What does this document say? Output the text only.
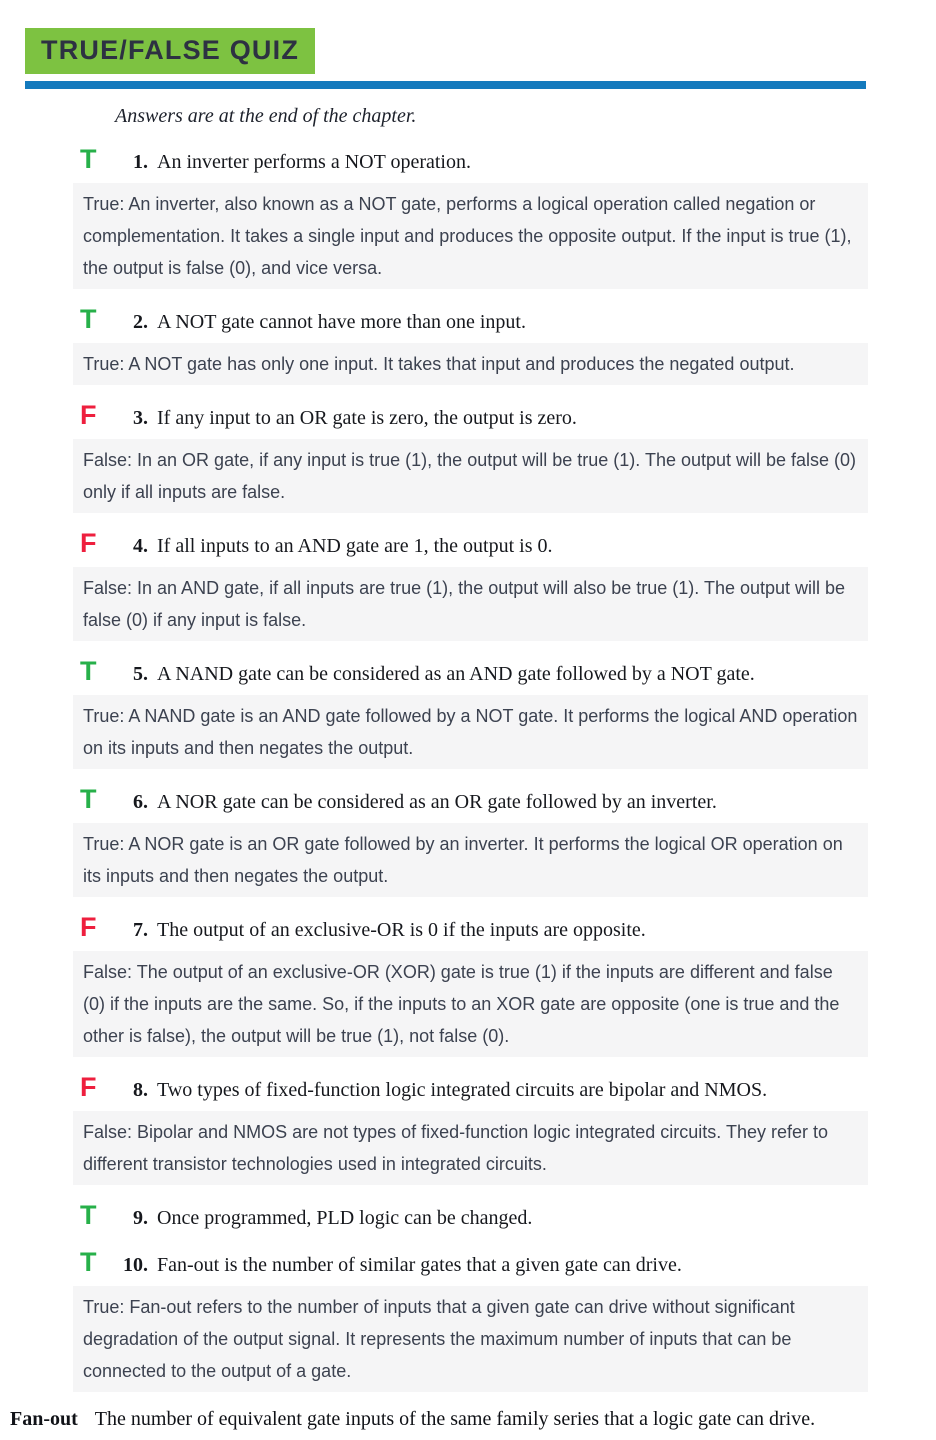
TRUE/FALSE QUIZ

Answers are at the end of the chapter.

T	1. An inverter performs a NOT operation.
True: An inverter, also known as a NOT gate, performs a logical operation called negation or complementation. It takes a single input and produces the opposite output. If the input is true (1), the output is false (0), and vice versa.
T	2. A NOT gate cannot have more than one input.
True: A NOT gate has only one input. It takes that input and produces the negated output.
F	3. If any input to an OR gate is zero, the output is zero.
False: In an OR gate, if any input is true (1), the output will be true (1). The output will be false (0) only if all inputs are false.
F	4. If all inputs to an AND gate are 1, the output is 0.
False: In an AND gate, if all inputs are true (1), the output will also be true (1). The output will be false (0) if any input is false.
T	5. A NAND gate can be considered as an AND gate followed by a NOT gate.
True: A NAND gate is an AND gate followed by a NOT gate. It performs the logical AND operation on its inputs and then negates the output.
T	6. A NOR gate can be considered as an OR gate followed by an inverter.
True: A NOR gate is an OR gate followed by an inverter. It performs the logical OR operation on its inputs and then negates the output.
F	7. The output of an exclusive-OR is 0 if the inputs are opposite.
False: The output of an exclusive-OR (XOR) gate is true (1) if the inputs are different and false (0) if the inputs are the same. So, if the inputs to an XOR gate are opposite (one is true and the other is false), the output will be true (1), not false (0).
F	8. Two types of fixed-function logic integrated circuits are bipolar and NMOS.
False: Bipolar and NMOS are not types of fixed-function logic integrated circuits. They refer to different transistor technologies used in integrated circuits.
T	9. Once programmed, PLD logic can be changed.
T	10. Fan-out is the number of similar gates that a given gate can drive.
True: Fan-out refers to the number of inputs that a given gate can drive without significant degradation of the output signal. It represents the maximum number of inputs that can be connected to the output of a gate.

Fan-out The number of equivalent gate inputs of the same family series that a logic gate can drive.
